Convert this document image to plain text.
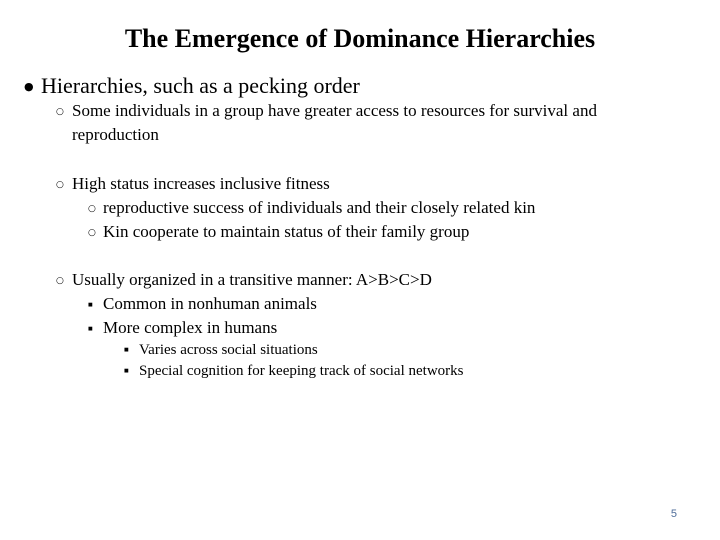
The Emergence of Dominance Hierarchies
● Hierarchies, such as a pecking order
○ Some individuals in a group have greater access to resources for survival and
reproduction
○ High status increases inclusive fitness
○ reproductive success of individuals and their closely related kin
○ Kin cooperate to maintain status of their family group
○ Usually organized in a transitive manner: A>B>C>D
■ Common in nonhuman animals
■ More complex in humans
■ Varies across social situations
■ Special cognition for keeping track of social networks
5
